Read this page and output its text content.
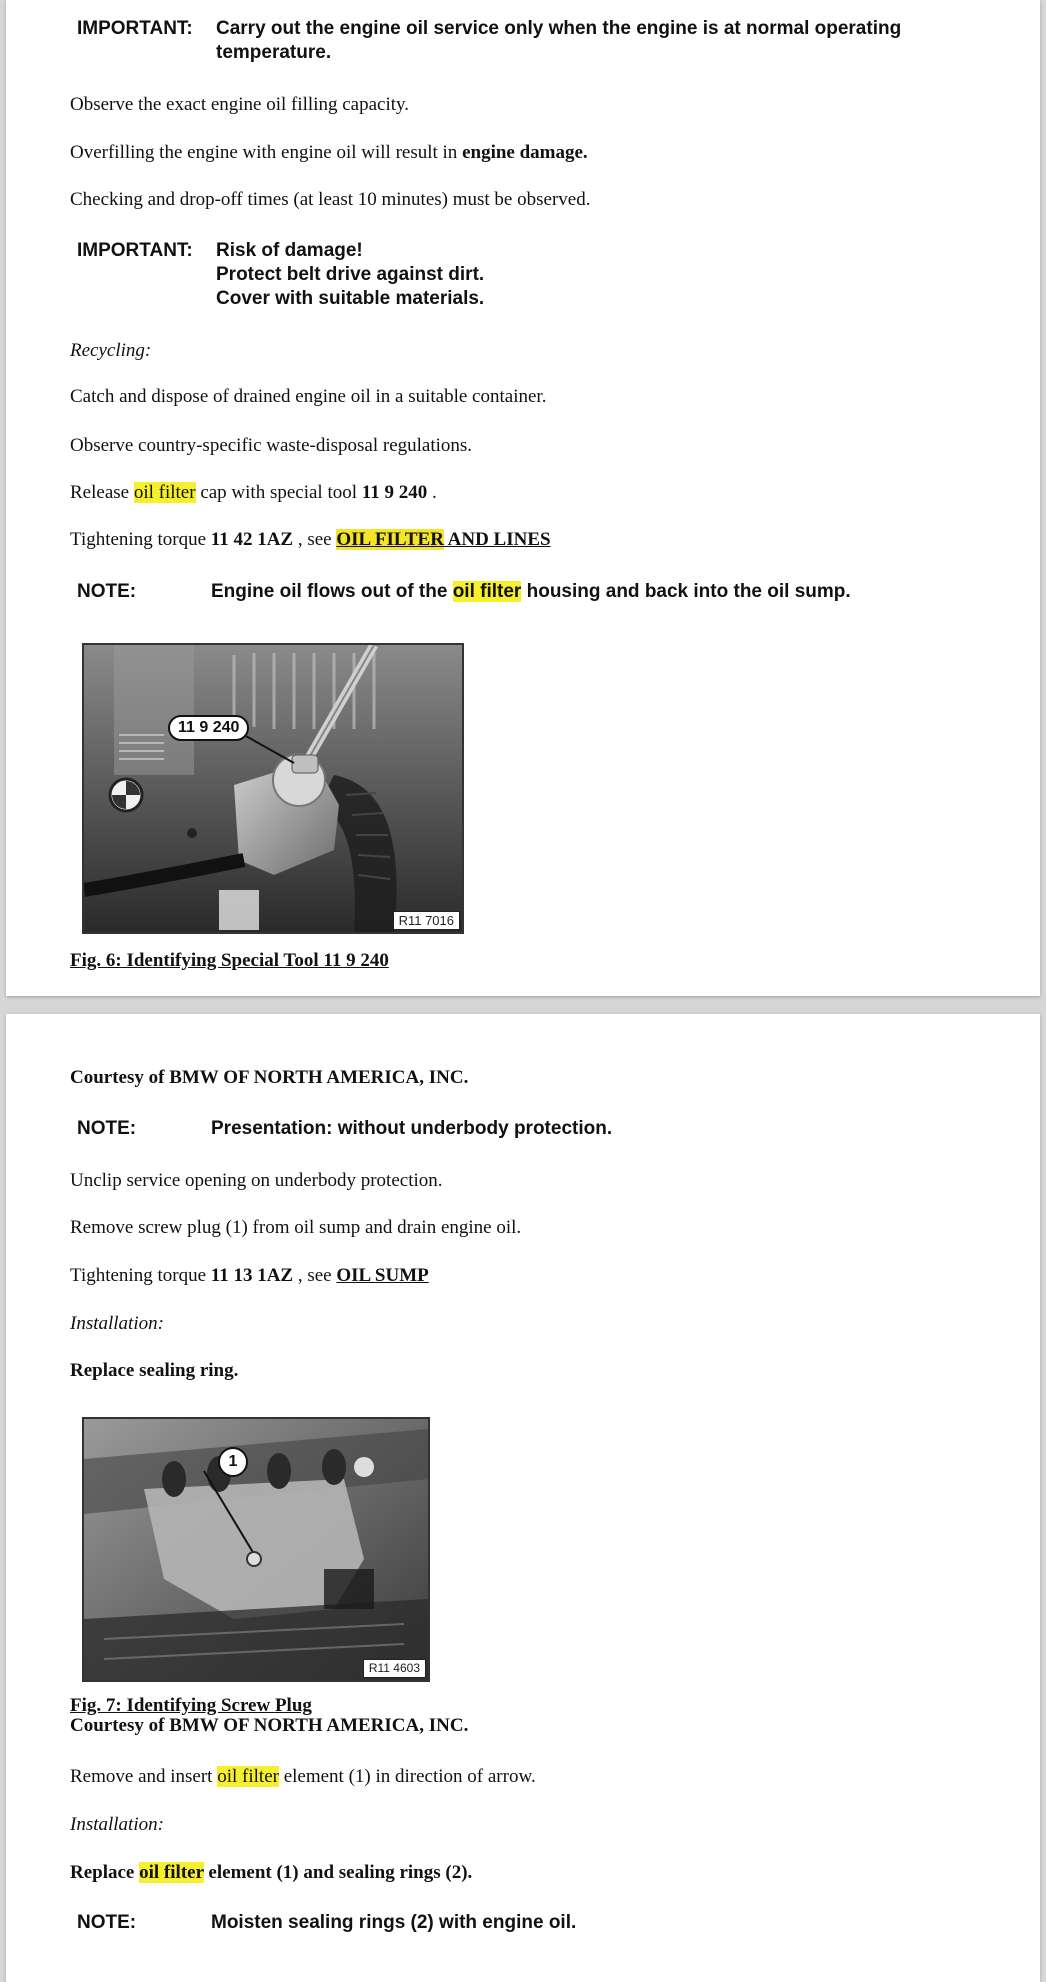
IMPORTANT: Carry out the engine oil service only when the engine is at normal operating
temperature.
Observe the exact engine oil filling capacity.
Overfilling the engine with engine oil will result in engine damage.
Checking and drop-off times (at least 10 minutes) must be observed.
IMPORTANT: Risk of damage!
Protect belt drive against dirt.
Cover with suitable materials.
Recycling:
Catch and dispose of drained engine oil in a suitable container.
Observe country-specific waste-disposal regulations.
Release oil filter cap with special tool 11 9 240 .
Tightening torque 11 42 1AZ , see OIL FILTER AND LINES
NOTE:	Engine oil flows out of the oil filter housing and back into the oil sump.
11 9 240
R11 7016
Fig. 6: Identifying Special Tool 11 9 240
Courtesy of BMW OF NORTH AMERICA, INC.
NOTE:	Presentation: without underbody protection.
Unclip service opening on underbody protection.
Remove screw plug (1) from oil sump and drain engine oil.
Tightening torque 11 13 1AZ , see OIL SUMP
Installation:
Replace sealing ring.
1
R11 4603
Fig. 7: Identifying Screw Plug
Courtesy of BMW OF NORTH AMERICA, INC.
Remove and insert oil filter element (1) in direction of arrow.
Installation:
Replace oil filter element (1) and sealing rings (2).
NOTE:	Moisten sealing rings (2) with engine oil.
